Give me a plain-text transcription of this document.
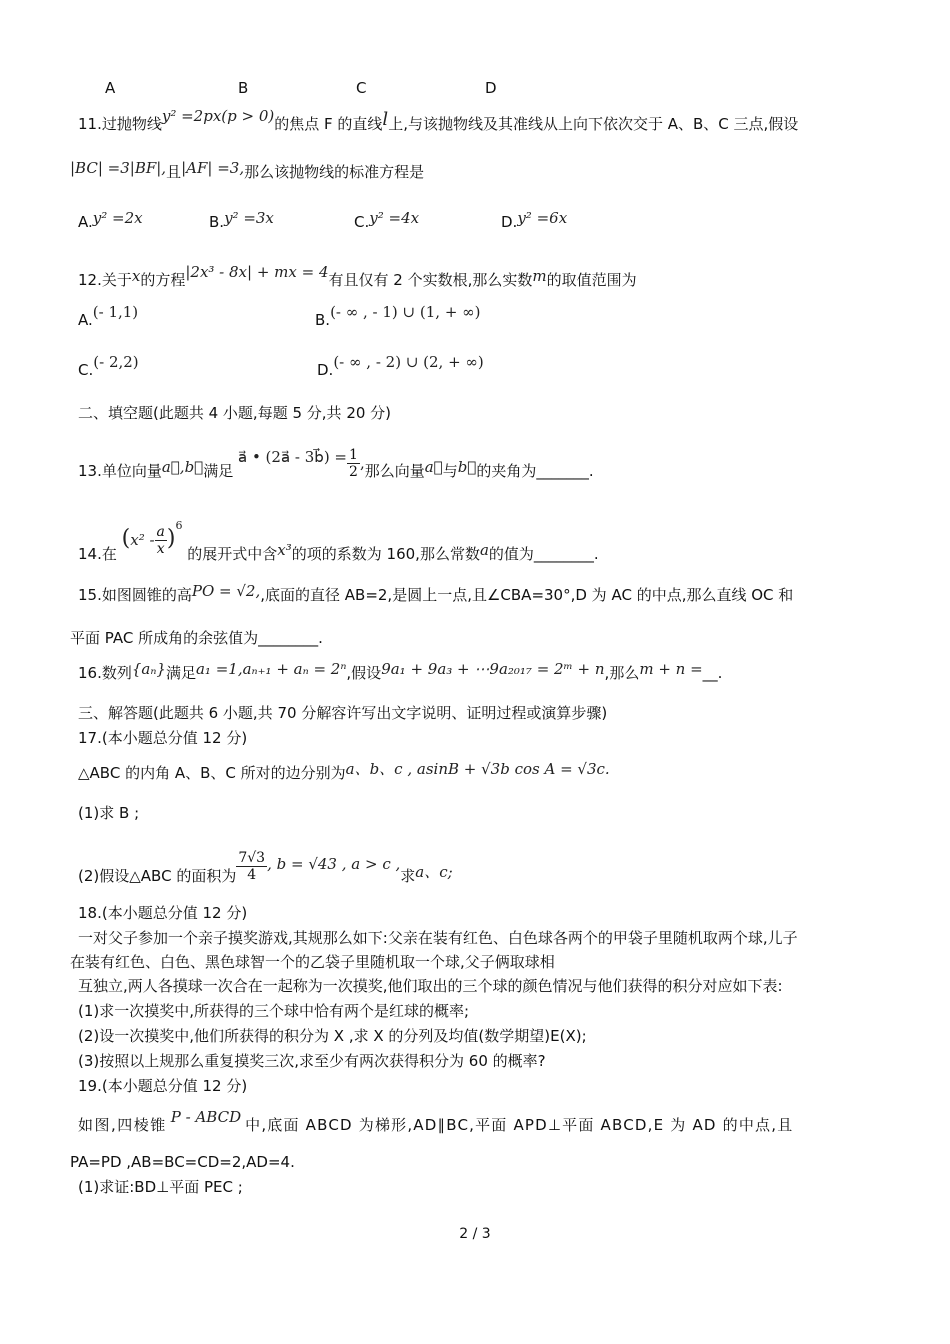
A	B	C	D
11.过抛物线y² =2px(p > 0)的焦点 F 的直线l上,与该抛物线及其准线从上向下依次交于 A、B、C 三点,假设
|BC| =3|BF|,且|AF| =3,那么该抛物线的标准方程是
A.y² =2x	B.y² =3x	C.y² =4x	D.y² =6x
12.关于x的方程|2x³ - 8x| + mx = 4有且仅有 2 个实数根,那么实数m的取值范围为
A.(- 1,1)	B.(- ∞ , - 1) ∪ (1, + ∞)
C.(- 2,2)	D.(- ∞ , - 2) ∪ (2, + ∞)
二、填空题(此题共 4 小题,每题 5 分,共 20 分)
13.单位向量a⃗,b⃗满足 a⃗ • (2a⃗ - 3b⃗) = $\frac{1}{2}$ ,那么向量a⃗与b⃗的夹角为_______.
14.在 $(x^2 - \frac{a}{x} )^6$ 的展开式中含x³的项的系数为 160,那么常数a的值为________.
15.如图圆锥的高PO = √2,,底面的直径 AB=2,是圆上一点,且∠CBA=30°,D 为 AC 的中点,那么直线 OC 和
平面 PAC 所成角的余弦值为________.
16.数列{aₙ}满足a₁ =1,aₙ₊₁ + aₙ = 2ⁿ,假设9a₁ + 9a₃ + ⋯9a₂₀₁₇ = 2ᵐ + n,那么m + n =__.
三、解答题(此题共 6 小题,共 70 分解容许写出文字说明、证明过程或演算步骤)
17.(本小题总分值 12 分)
△ABC 的内角 A、B、C 所对的边分别为a、b、c , asinB + √3b cos A = √3c.
(1)求 B ;
(2)假设△ABC 的面积为 $\frac{7√3}{4}$ , b = √43 , a > c ,求a、c;
18.(本小题总分值 12 分)
一对父子参加一个亲子摸奖游戏,其规那么如下:父亲在装有红色、白色球各两个的甲袋子里随机取两个球,儿子
在装有红色、白色、黑色球智一个的乙袋子里随机取一个球,父子俩取球相
互独立,两人各摸球一次合在一起称为一次摸奖,他们取出的三个球的颜色情况与他们获得的积分对应如下表:
(1)求一次摸奖中,所获得的三个球中恰有两个是红球的概率;
(2)设一次摸奖中,他们所获得的积分为 X ,求 X 的分列及均值(数学期望)E(X);
(3)按照以上规那么重复摸奖三次,求至少有两次获得积分为 60 的概率?
19.(本小题总分值 12 分)
如图,四棱锥 P - ABCD 中,底面 ABCD 为梯形,AD∥BC,平面 APD⊥平面 ABCD,E 为 AD 的中点,且
PA=PD ,AB=BC=CD=2,AD=4.
(1)求证:BD⊥平面 PEC ;
2 / 3
